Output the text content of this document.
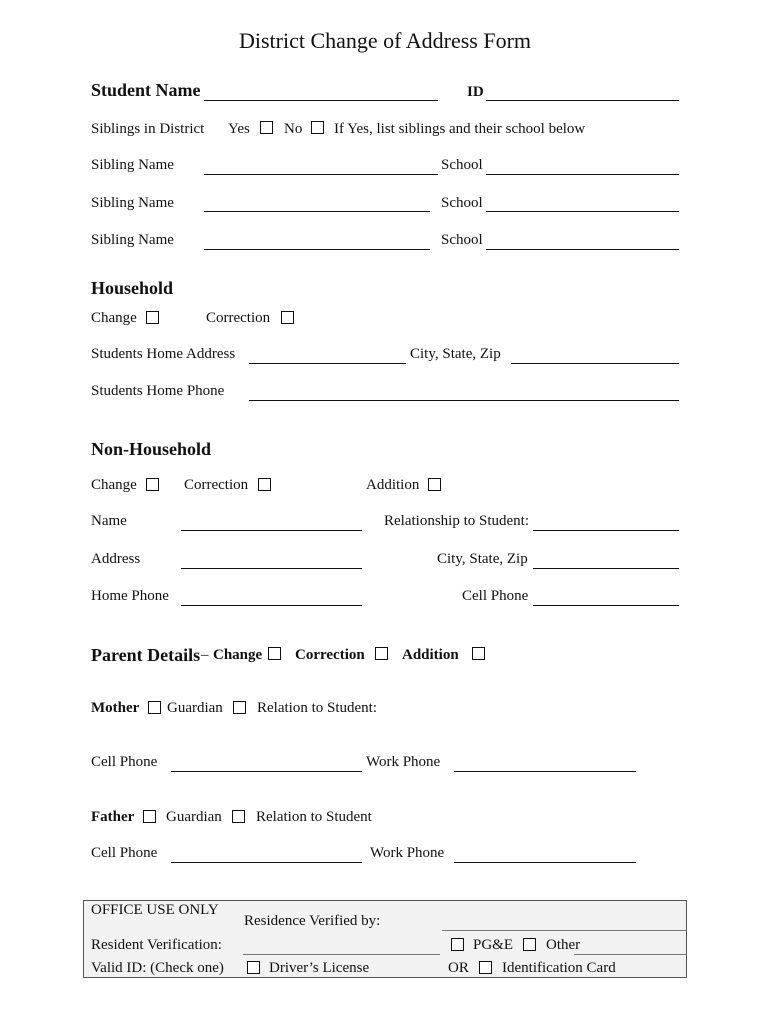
District Change of Address Form
Student Name	ID
Siblings in District Yes No If Yes, list siblings and their school below
Sibling Name	School
Sibling Name	School
Sibling Name	School
Household
Change	Correction
Students Home Address	City, State, Zip
Students Home Phone
Non-Household
Change	Correction	Addition
Name	Relationship to Student:
Address	City, State, Zip
Home Phone	Cell Phone
Parent Details – Change Correction Addition
Mother Guardian Relation to Student:
Cell Phone	Work Phone
Father Guardian Relation to Student
Cell Phone	Work Phone
OFFICE USE ONLY
Residence Verified by:
Resident Verification:	PG&E Other
Valid ID: (Check one)	Driver’s License	OR Identification Card
